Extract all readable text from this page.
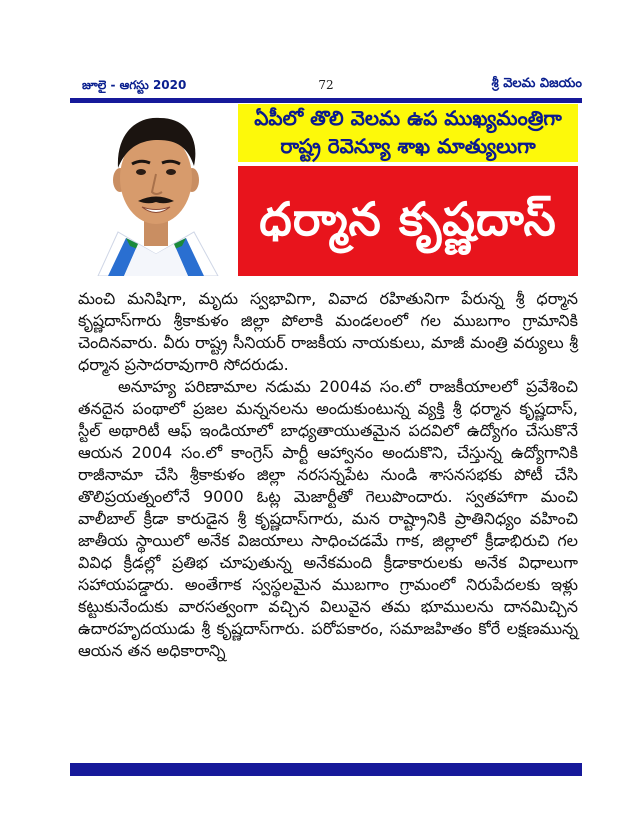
జూలై - ఆగస్టు 2020	72	శ్రీ వెలమ విజయం
ఏపీలో తొలి వెలమ ఉప ముఖ్యమంత్రిగా
రాష్ట్ర రెవెన్యూ శాఖ మాత్యులుగా
ధర్మాన కృష్ణదాస్

మంచి మనిషిగా, మృదు స్వభావిగా, వివాద రహితునిగా పేరున్న శ్రీ ధర్మాన కృష్ణదాస్‌గారు శ్రీకాకుళం జిల్లా పోలాకి మండలంలో గల ముబగాం గ్రామానికి చెందినవారు. వీరు రాష్ట్ర సీనియర్ రాజకీయ నాయకులు, మాజీ మంత్రి వర్యులు శ్రీ ధర్మాన ప్రసాదరావుగారి సోదరుడు.

అనూహ్య పరిణామాల నడుమ 2004వ సం.లో రాజకీయాలలో ప్రవేశించి తనదైన పంథాలో ప్రజల మన్ననలను అందుకుంటున్న వ్యక్తి శ్రీ ధర్మాన కృష్ణదాస్, స్టీల్ అథారిటీ ఆఫ్ ఇండియాలో బాధ్యతాయుతమైన పదవిలో ఉద్యోగం చేసుకొనే ఆయన 2004 సం.లో కాంగ్రెస్ పార్టీ ఆహ్వానం అందుకొని, చేస్తున్న ఉద్యోగానికి రాజీనామా చేసి శ్రీకాకుళం జిల్లా నరసన్నపేట నుండి శాసనసభకు పోటీ చేసి తొలిప్రయత్నంలోనే 9000 ఓట్ల మెజార్టీతో గెలుపొందారు. స్వతహాగా మంచి వాలీబాల్ క్రీడా కారుడైన శ్రీ కృష్ణదాస్‌గారు, మన రాష్ట్రానికి ప్రాతినిధ్యం వహించి జాతీయ స్థాయిలో అనేక విజయాలు సాధించడమే గాక, జిల్లాలో క్రీడాభిరుచి గల వివిధ క్రీడల్లో ప్రతిభ చూపుతున్న అనేకమంది క్రీడాకారులకు అనేక విధాలుగా సహాయపడ్డారు. అంతేగాక స్వస్థలమైన ముబగాం గ్రామంలో నిరుపేదలకు ఇళ్లు కట్టుకునేందుకు వారసత్వంగా వచ్చిన విలువైన తమ భూములను దానమిచ్చిన ఉదారహృదయుడు శ్రీ కృష్ణదాస్‌గారు. పరోపకారం, సమాజహితం కోరే లక్షణమున్న ఆయన తన అధికారాన్ని
